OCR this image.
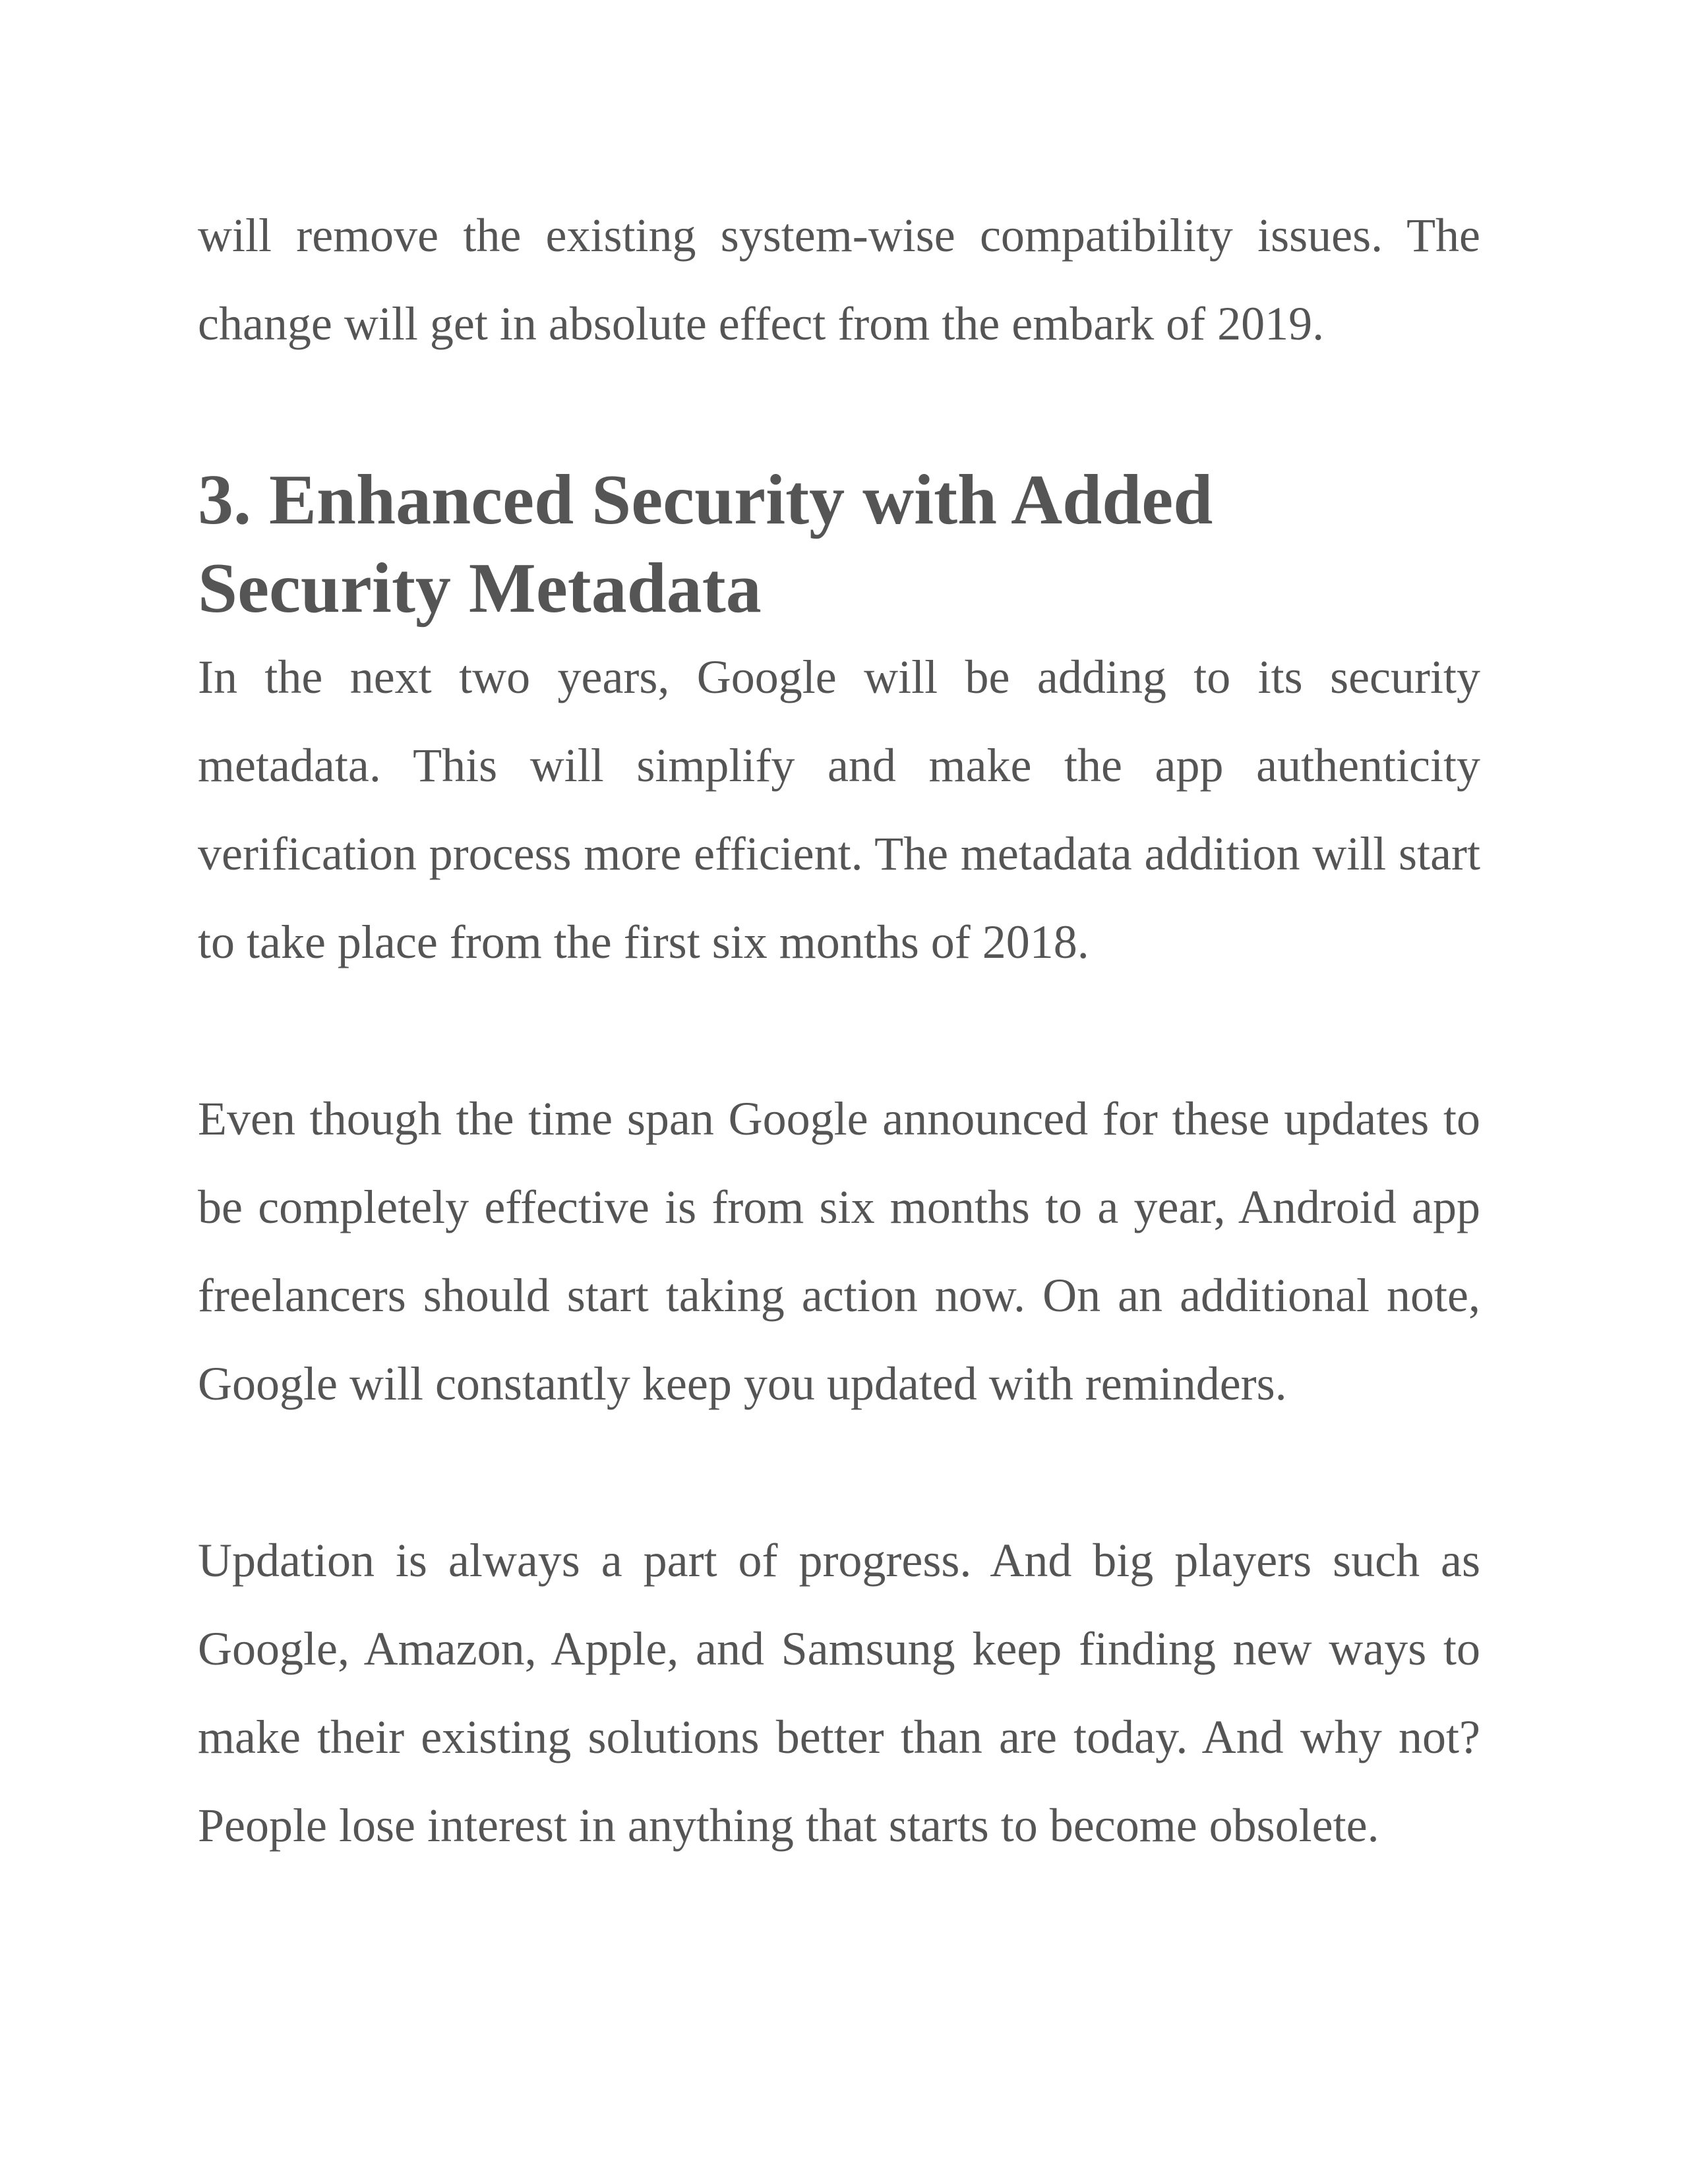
will remove the existing system-wise compatibility issues. The change will get in absolute effect from the embark of 2019.

3. Enhanced Security with Added Security Metadata

In the next two years, Google will be adding to its security metadata. This will simplify and make the app authenticity verification process more efficient. The metadata addition will start to take place from the first six months of 2018.

Even though the time span Google announced for these updates to be completely effective is from six months to a year, Android app freelancers should start taking action now. On an additional note, Google will constantly keep you updated with reminders.

Updation is always a part of progress. And big players such as Google, Amazon, Apple, and Samsung keep finding new ways to make their existing solutions better than are today. And why not? People lose interest in anything that starts to become obsolete.
